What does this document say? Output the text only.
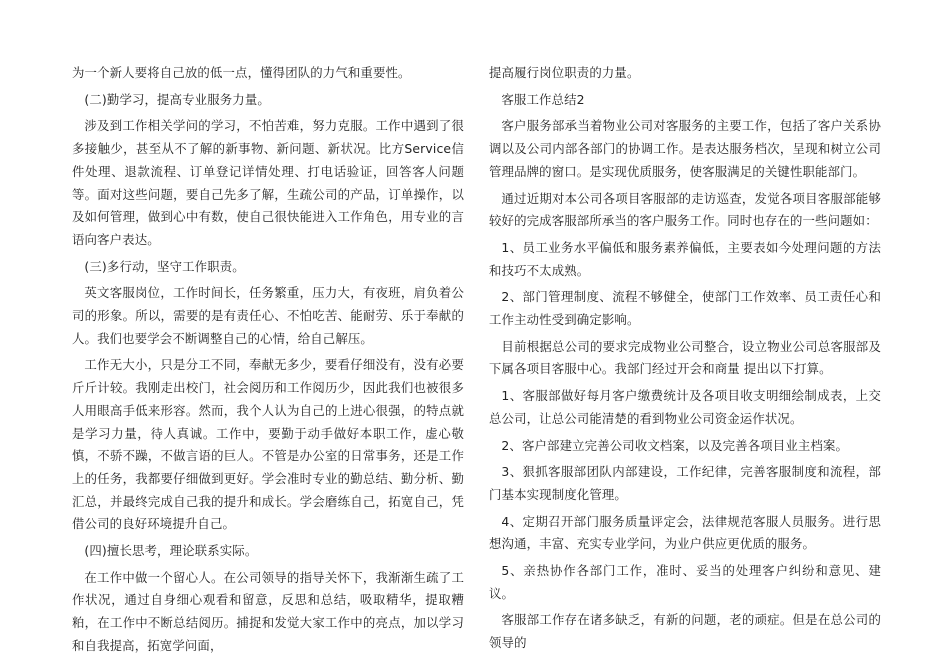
为一个新人要将自己放的低一点，懂得团队的力气和重要性。

(二)勤学习，提高专业服务力量。

涉及到工作相关学问的学习，不怕苦难，努力克服。工作中遇到了很多接触少，甚至从不了解的新事物、新问题、新状况。比方Service信件处理、退款流程、订单登记详情处理、打电话验证，回答客人问题等。面对这些问题，要自己先多了解，生疏公司的产品，订单操作，以及如何管理，做到心中有数，使自己很快能进入工作角色，用专业的言语向客户表达。

(三)多行动，坚守工作职责。

英文客服岗位，工作时间长，任务繁重，压力大，有夜班，肩负着公司的形象。所以，需要的是有责任心、不怕吃苦、能耐劳、乐于奉献的人。我们也要学会不断调整自己的心情，给自己解压。

工作无大小，只是分工不同，奉献无多少，要看仔细没有，没有必要斤斤计较。我刚走出校门，社会阅历和工作阅历少，因此我们也被很多人用眼高手低来形容。然而，我个人认为自己的上进心很强，的特点就是学习力量，待人真诚。工作中，要勤于动手做好本职工作，虚心敬慎，不骄不躁，不做言语的巨人。不管是办公室的日常事务，还是工作上的任务，我都要仔细做到更好。学会准时专业的勤总结、勤分析、勤汇总，并最终完成自己我的提升和成长。学会磨练自己，拓宽自己，凭借公司的良好环境提升自己。

(四)擅长思考，理论联系实际。

在工作中做一个留心人。在公司领导的指导关怀下，我渐渐生疏了工作状况，通过自身细心观看和留意，反思和总结，吸取精华，提取糟粕，在工作中不断总结阅历。捕捉和发觉大家工作中的亮点，加以学习和自我提高，拓宽学问面，

提高履行岗位职责的力量。

客服工作总结2

客户服务部承当着物业公司对客服务的主要工作，包括了客户关系协调以及公司内部各部门的协调工作。是表达服务档次，呈现和树立公司管理品牌的窗口。是实现优质服务，使客服满足的关键性职能部门。

通过近期对本公司各项目客服部的走访巡查，发觉各项目客服部能够较好的完成客服部所承当的客户服务工作。同时也存在的一些问题如：

1、员工业务水平偏低和服务素养偏低，主要表如今处理问题的方法和技巧不太成熟。

2、部门管理制度、流程不够健全，使部门工作效率、员工责任心和工作主动性受到确定影响。

目前根据总公司的要求完成物业公司整合，设立物业公司总客服部及下属各项目客服中心。我部门经过开会和商量 提出以下打算。

1、客服部做好每月客户缴费统计及各项目收支明细绘制成表，上交总公司，让总公司能清楚的看到物业公司资金运作状况。

2、客户部建立完善公司收文档案，以及完善各项目业主档案。

3、狠抓客服部团队内部建设，工作纪律，完善客服制度和流程，部门基本实现制度化管理。

4、定期召开部门服务质量评定会，法律规范客服人员服务。进行思想沟通，丰富、充实专业学问，为业户供应更优质的服务。

5、亲热协作各部门工作，准时、妥当的处理客户纠纷和意见、建议。

客服部工作存在诸多缺乏，有新的问题，老的顽症。但是在总公司的领导的
